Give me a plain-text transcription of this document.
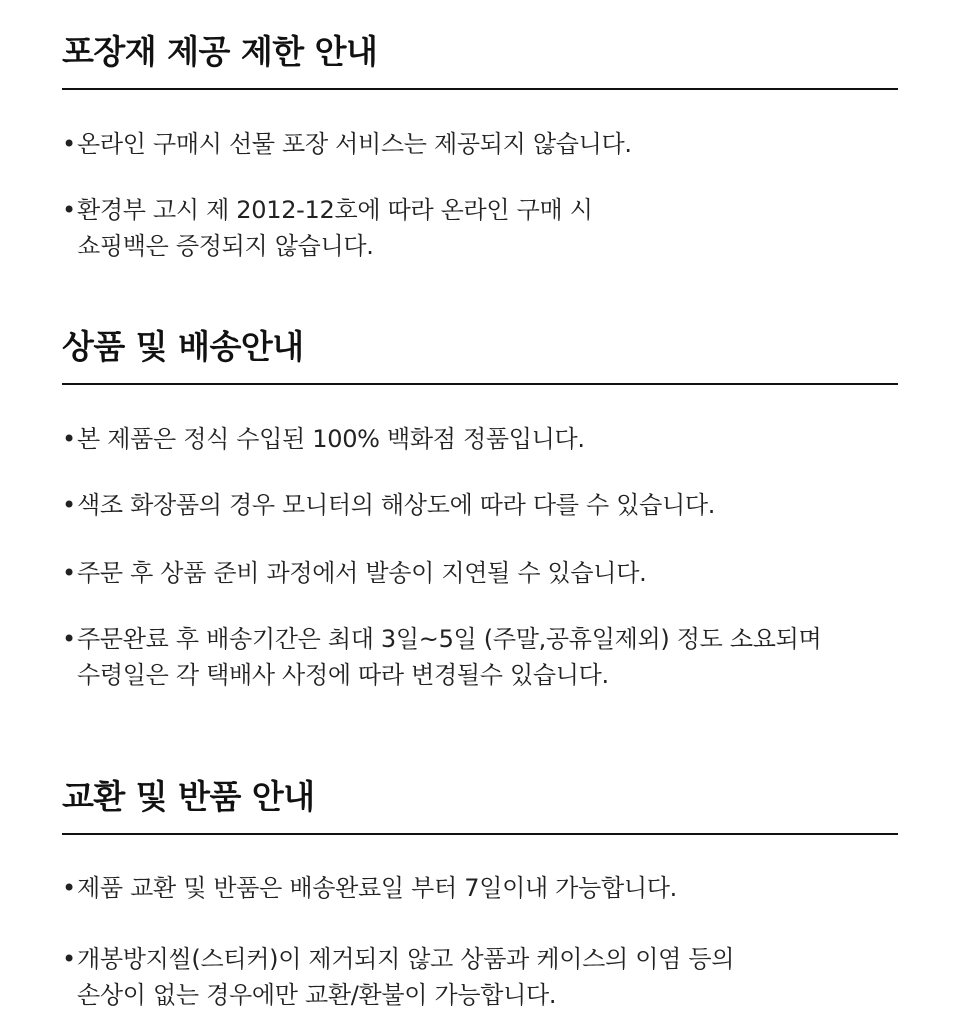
포장재 제공 제한 안내
• 온라인 구매시 선물 포장 서비스는 제공되지 않습니다.
• 환경부 고시 제 2012-12호에 따라 온라인 구매 시
쇼핑백은 증정되지 않습니다.
상품 및 배송안내
• 본 제품은 정식 수입된 100% 백화점 정품입니다.
• 색조 화장품의 경우 모니터의 해상도에 따라 다를 수 있습니다.
• 주문 후 상품 준비 과정에서 발송이 지연될 수 있습니다.
• 주문완료 후 배송기간은 최대 3일~5일 (주말,공휴일제외) 정도 소요되며
수령일은 각 택배사 사정에 따라 변경될수 있습니다.
교환 및 반품 안내
• 제품 교환 및 반품은 배송완료일 부터 7일이내 가능합니다.
• 개봉방지씰(스티커)이 제거되지 않고 상품과 케이스의 이염 등의
손상이 없는 경우에만 교환/환불이 가능합니다.
